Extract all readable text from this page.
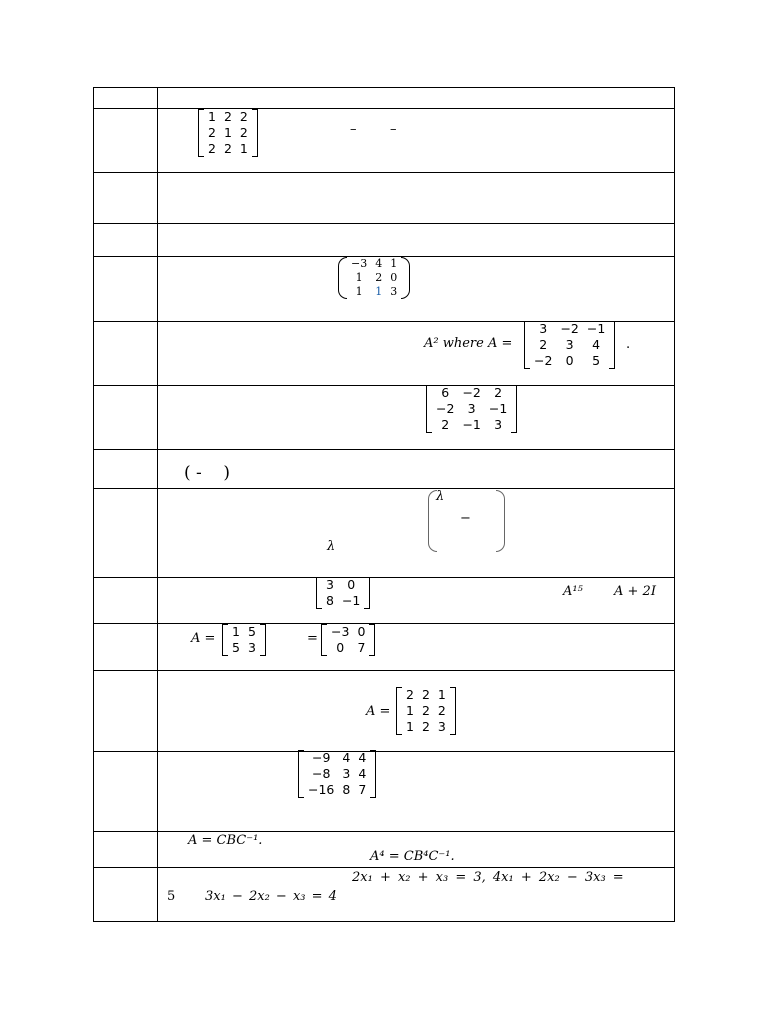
1	2	2
2	1	2
2	2	1
–	–
−3	4	1
1	2	0
1	1	3
A² where A =
3	−2	−1
2	3	4
−2	0	5
.
6	−2	2
−2	3	−1
2	−1	3
( -    )
λ
−
λ
3	0
8	−1
A¹⁵ A + 2I
A = 1	5
5	3
= −3	0
0	7
A =
2	2	1
1	2	2
1	2	3
−9	4	4
−8	3	4
−16	8	7
A = CBC⁻¹.
A⁴ = CB⁴C⁻¹.
2x₁ + x₂ + x₃ = 3, 4x₁ + 2x₂ − 3x₃ =
5 3x₁ − 2x₂ − x₃ = 4
